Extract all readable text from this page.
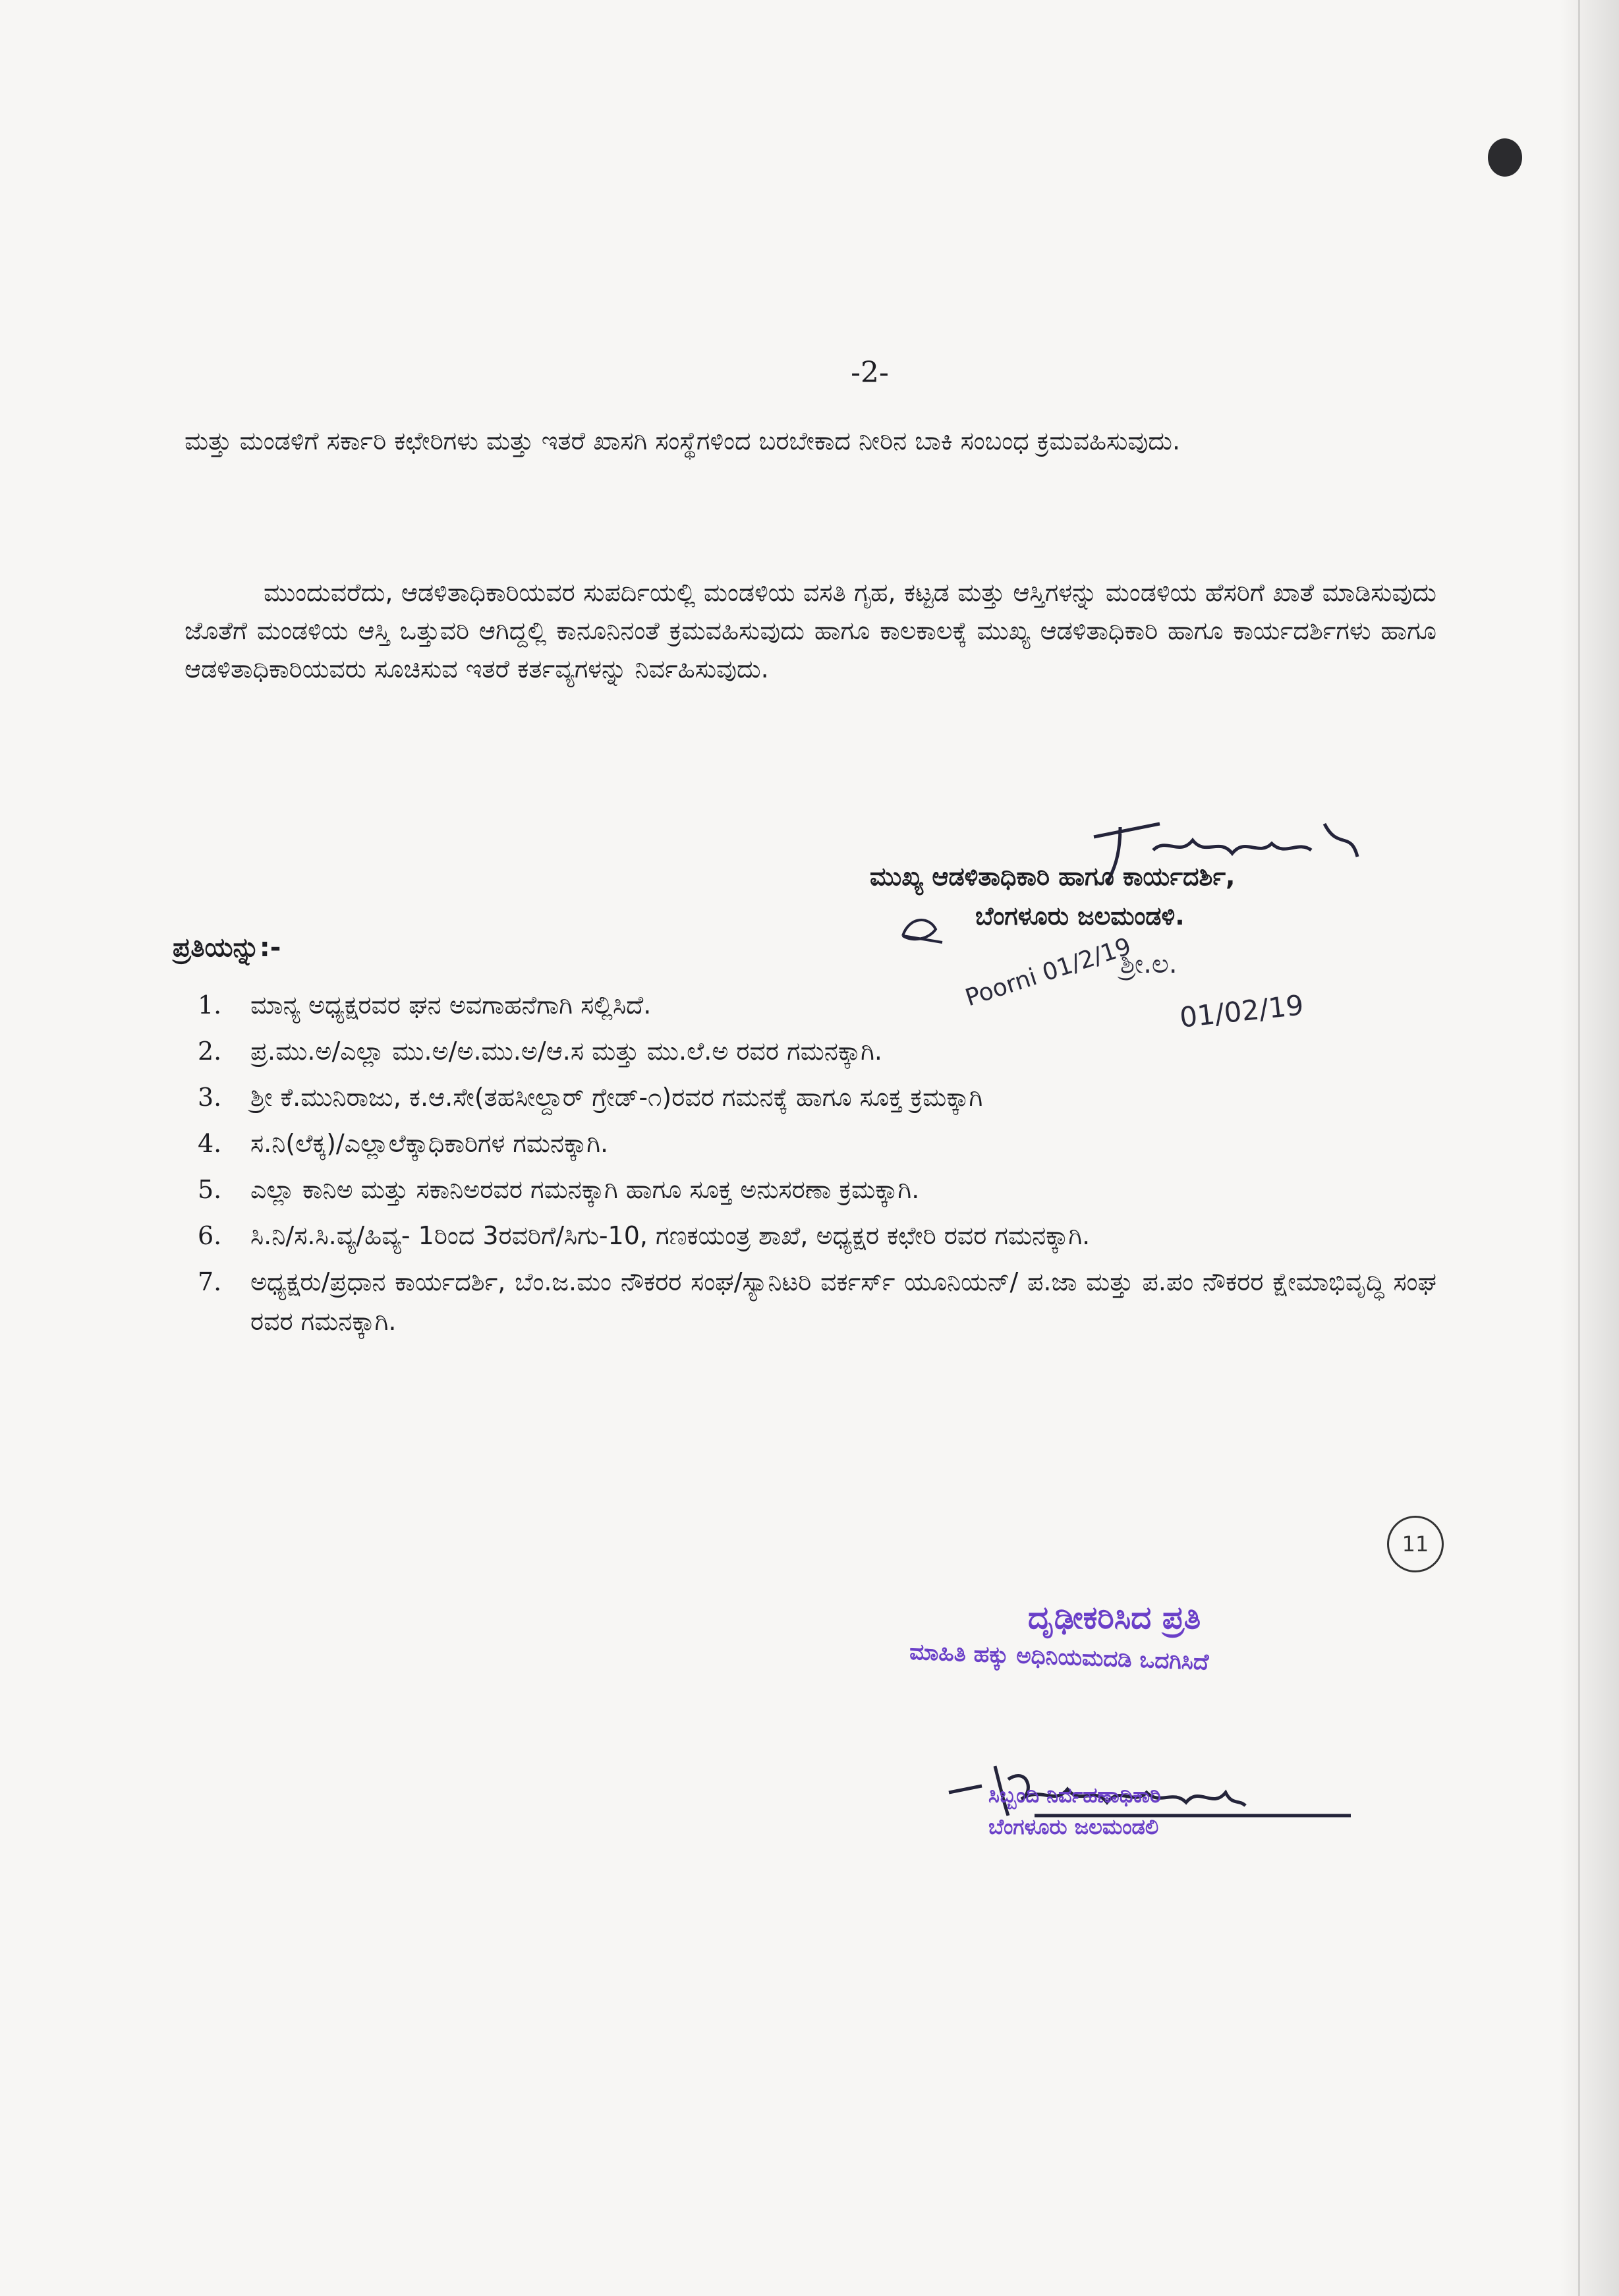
-2-

ಮತ್ತು ಮಂಡಳಿಗೆ ಸರ್ಕಾರಿ ಕಛೇರಿಗಳು ಮತ್ತು ಇತರೆ ಖಾಸಗಿ ಸಂಸ್ಥೆಗಳಿಂದ ಬರಬೇಕಾದ ನೀರಿನ ಬಾಕಿ ಸಂಬಂಧ ಕ್ರಮವಹಿಸುವುದು.

ಮುಂದುವರೆದು, ಆಡಳಿತಾಧಿಕಾರಿಯವರ ಸುಪರ್ದಿಯಲ್ಲಿ ಮಂಡಳಿಯ ವಸತಿ ಗೃಹ, ಕಟ್ಟಡ ಮತ್ತು ಆಸ್ತಿಗಳನ್ನು ಮಂಡಳಿಯ ಹೆಸರಿಗೆ ಖಾತೆ ಮಾಡಿಸುವುದು ಜೊತೆಗೆ ಮಂಡಳಿಯ ಆಸ್ತಿ ಒತ್ತುವರಿ ಆಗಿದ್ದಲ್ಲಿ ಕಾನೂನಿನಂತೆ ಕ್ರಮವಹಿಸುವುದು ಹಾಗೂ ಕಾಲಕಾಲಕ್ಕೆ ಮುಖ್ಯ ಆಡಳಿತಾಧಿಕಾರಿ ಹಾಗೂ ಕಾರ್ಯದರ್ಶಿಗಳು ಹಾಗೂ ಆಡಳಿತಾಧಿಕಾರಿಯವರು ಸೂಚಿಸುವ ಇತರೆ ಕರ್ತವ್ಯಗಳನ್ನು ನಿರ್ವಹಿಸುವುದು.

ಮುಖ್ಯ ಆಡಳಿತಾಧಿಕಾರಿ ಹಾಗೂ ಕಾರ್ಯದರ್ಶಿ,
ಬೆಂಗಳೂರು ಜಲಮಂಡಳಿ.
Poorni 01/2/19
ಶ್ರೀ.ಲ.
01/02/19
ಪ್ರತಿಯನ್ನು:-
1.	ಮಾನ್ಯ ಅಧ್ಯಕ್ಷರವರ ಘನ ಅವಗಾಹನೆಗಾಗಿ ಸಲ್ಲಿಸಿದೆ.
2.	ಪ್ರ.ಮು.ಅ/ಎಲ್ಲಾ ಮು.ಅ/ಅ.ಮು.ಅ/ಆ.ಸ ಮತ್ತು ಮು.ಲೆ.ಅ ರವರ ಗಮನಕ್ಕಾಗಿ.
3.	ಶ್ರೀ ಕೆ.ಮುನಿರಾಜು, ಕ.ಆ.ಸೇ(ತಹಸೀಲ್ದಾರ್ ಗ್ರೇಡ್-೧)ರವರ ಗಮನಕ್ಕೆ ಹಾಗೂ ಸೂಕ್ತ ಕ್ರಮಕ್ಕಾಗಿ
4.	ಸ.ನಿ(ಲೆಕ್ಕ)/ಎಲ್ಲಾಲೆಕ್ಕಾಧಿಕಾರಿಗಳ ಗಮನಕ್ಕಾಗಿ.
5.	ಎಲ್ಲಾ ಕಾನಿಅ ಮತ್ತು ಸಕಾನಿಅರವರ ಗಮನಕ್ಕಾಗಿ ಹಾಗೂ ಸೂಕ್ತ ಅನುಸರಣಾ ಕ್ರಮಕ್ಕಾಗಿ.
6.	ಸಿ.ನಿ/ಸ.ಸಿ.ವ್ಯ/ಹಿವ್ಯ- 1ರಿಂದ 3ರವರಿಗೆ/ಸಿಗು-10, ಗಣಕಯಂತ್ರ ಶಾಖೆ, ಅಧ್ಯಕ್ಷರ ಕಛೇರಿ ರವರ ಗಮನಕ್ಕಾಗಿ.
7.	ಅಧ್ಯಕ್ಷರು/ಪ್ರಧಾನ ಕಾರ್ಯದರ್ಶಿ, ಬೆಂ.ಜ.ಮಂ ನೌಕರರ ಸಂಘ/ಸ್ಯಾನಿಟರಿ ವರ್ಕರ್ಸ್ ಯೂನಿಯನ್/ ಪ.ಜಾ ಮತ್ತು ಪ.ಪಂ ನೌಕರರ ಕ್ಷೇಮಾಭಿವೃದ್ಧಿ ಸಂಘ ರವರ ಗಮನಕ್ಕಾಗಿ.
11
ದೃಢೀಕರಿಸಿದ ಪ್ರತಿ
ಮಾಹಿತಿ ಹಕ್ಕು ಅಧಿನಿಯಮದಡಿ ಒದಗಿಸಿದೆ
ಸಿಬ್ಬಂದಿ ನಿರ್ವಹಣಾಧಿಕಾರಿ
ಬೆಂಗಳೂರು ಜಲಮಂಡಲಿ
